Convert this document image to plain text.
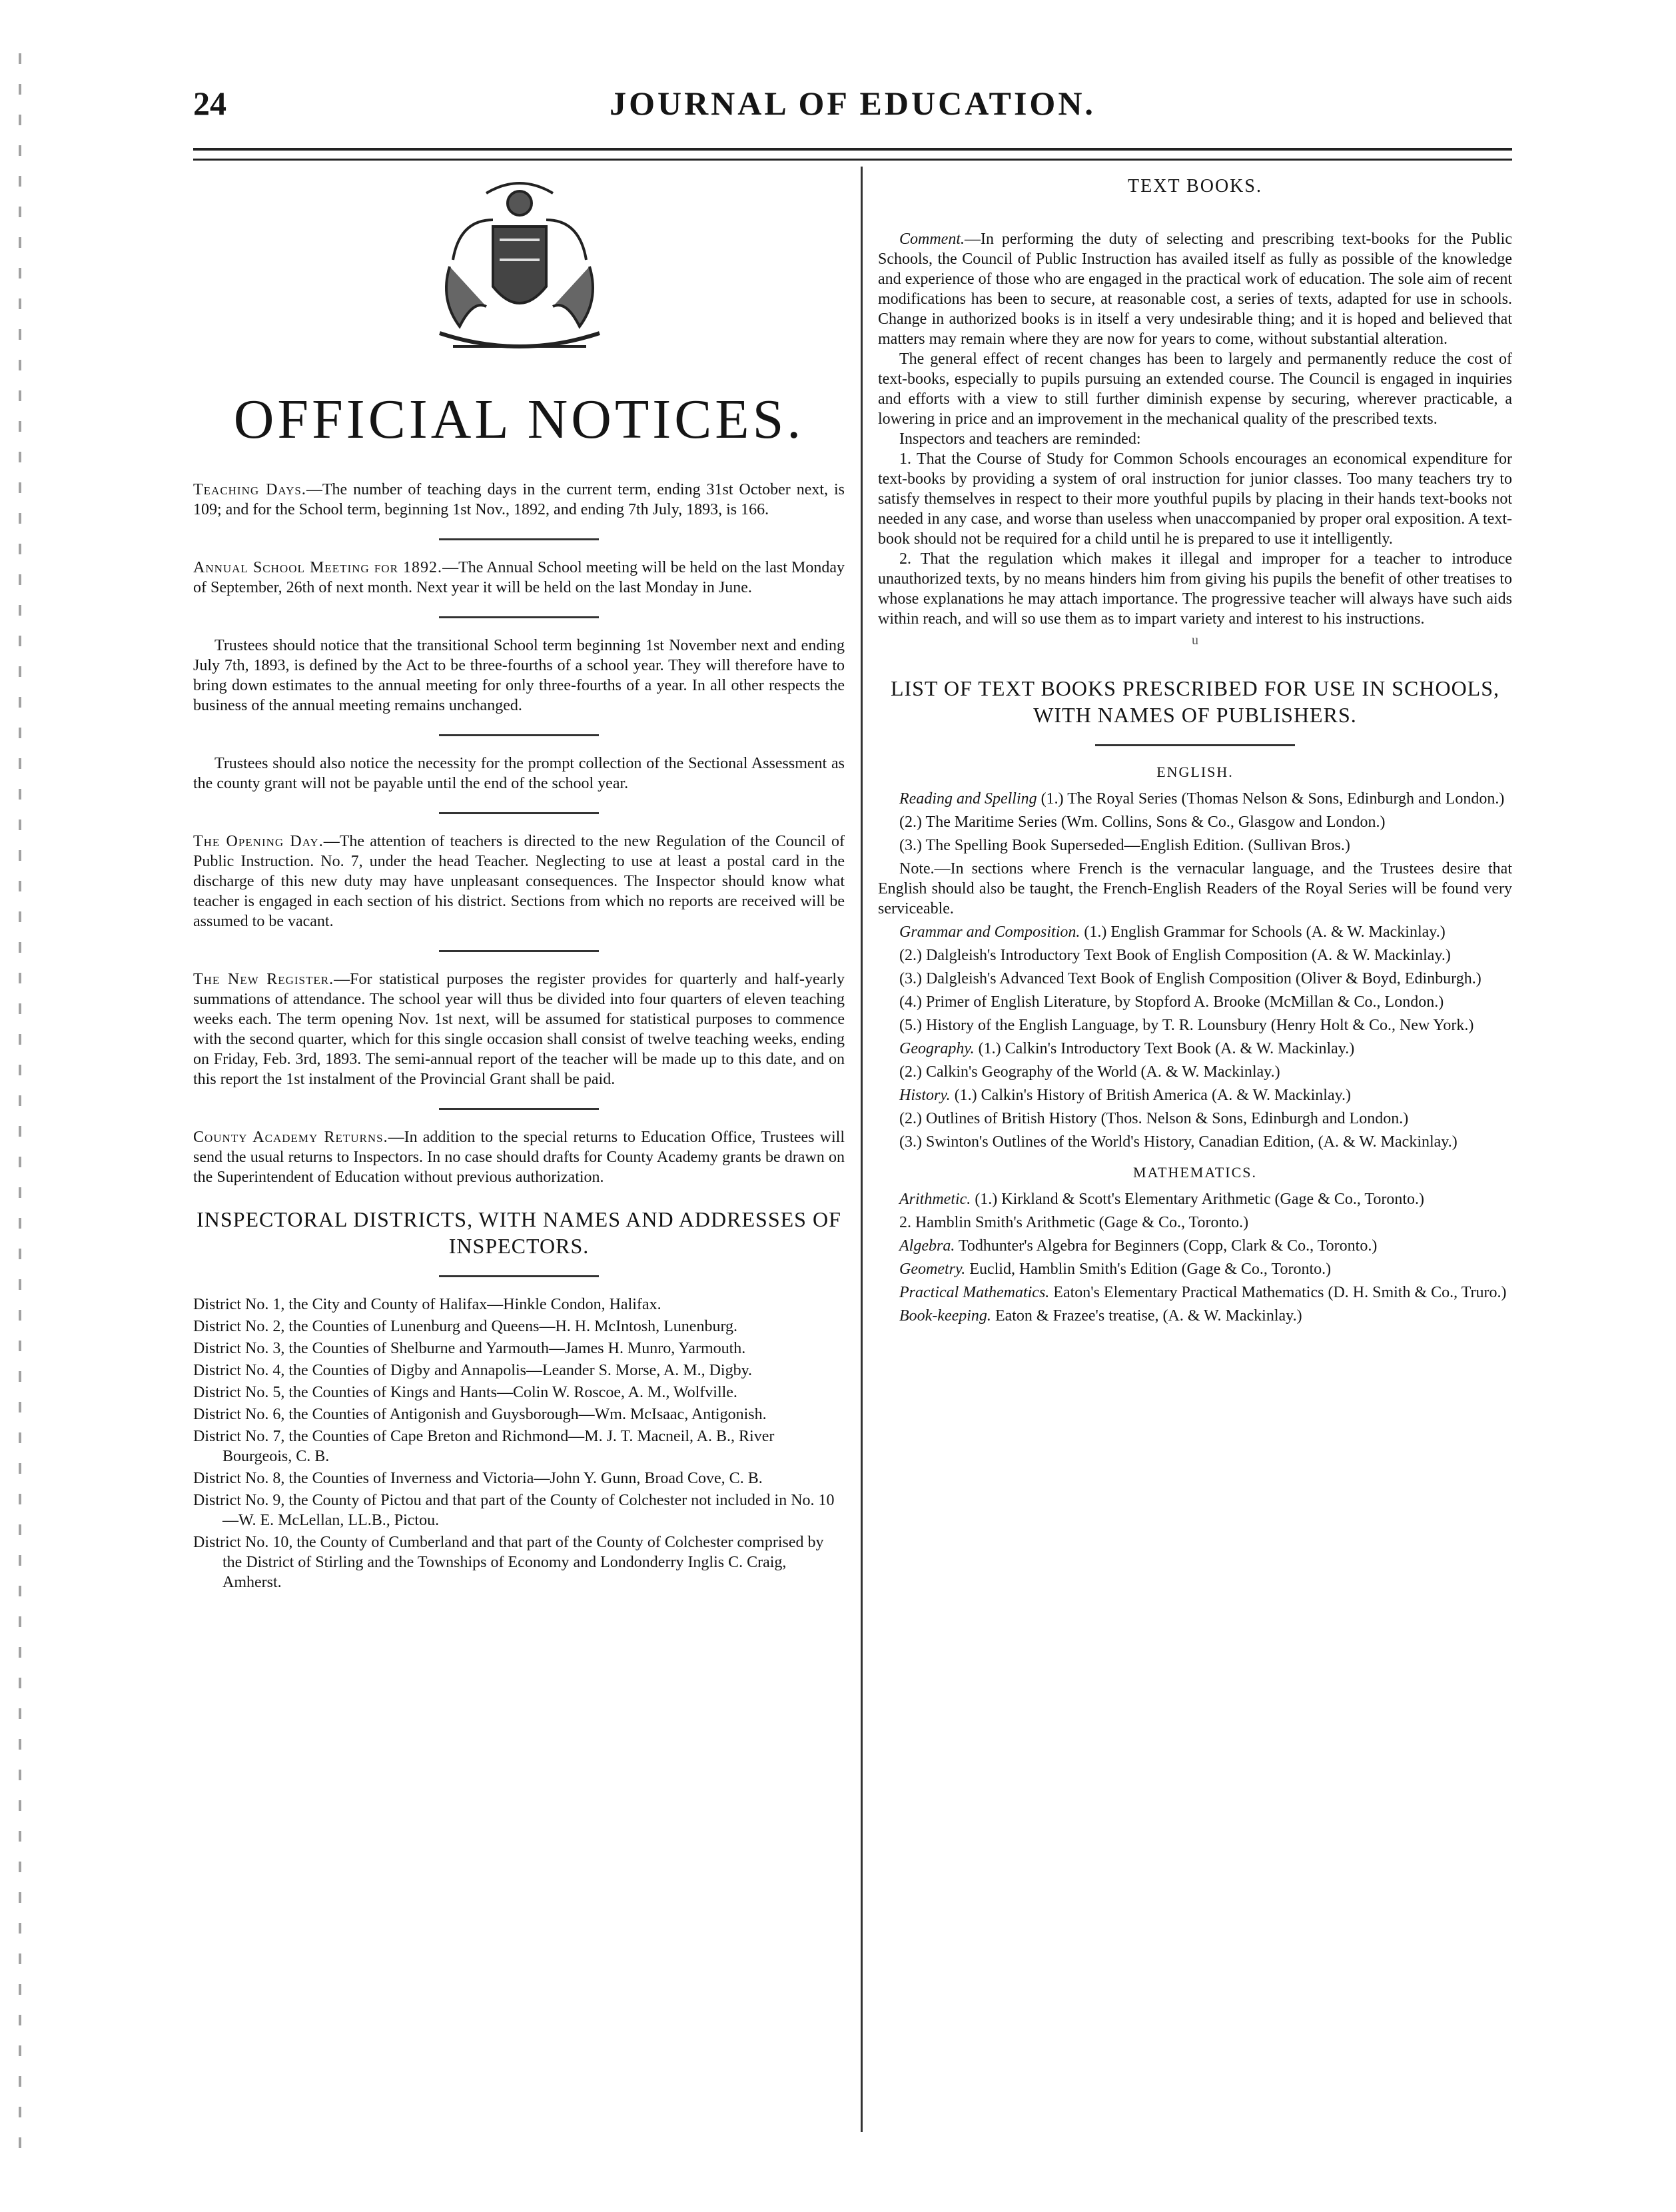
24	JOURNAL OF EDUCATION.
OFFICIAL NOTICES.

Teaching Days.—The number of teaching days in the current term, ending 31st October next, is 109; and for the School term, beginning 1st Nov., 1892, and ending 7th July, 1893, is 166.

Annual School Meeting for 1892.—The Annual School meeting will be held on the last Monday of September, 26th of next month. Next year it will be held on the last Monday in June.

Trustees should notice that the transitional School term beginning 1st November next and ending July 7th, 1893, is defined by the Act to be three-fourths of a school year. They will therefore have to bring down estimates to the annual meeting for only three-fourths of a year. In all other respects the business of the annual meeting remains unchanged.

Trustees should also notice the necessity for the prompt collection of the Sectional Assessment as the county grant will not be payable until the end of the school year.

The Opening Day.—The attention of teachers is directed to the new Regulation of the Council of Public Instruction. No. 7, under the head Teacher. Neglecting to use at least a postal card in the discharge of this new duty may have unpleasant consequences. The Inspector should know what teacher is engaged in each section of his district. Sections from which no reports are received will be assumed to be vacant.

The New Register.—For statistical purposes the register provides for quarterly and half-yearly summations of attendance. The school year will thus be divided into four quarters of eleven teaching weeks each. The term opening Nov. 1st next, will be assumed for statistical purposes to commence with the second quarter, which for this single occasion shall consist of twelve teaching weeks, ending on Friday, Feb. 3rd, 1893. The semi-annual report of the teacher will be made up to this date, and on this report the 1st instalment of the Provincial Grant shall be paid.

County Academy Returns.—In addition to the special returns to Education Office, Trustees will send the usual returns to Inspectors. In no case should drafts for County Academy grants be drawn on the Superintendent of Education without previous authorization.

INSPECTORAL DISTRICTS, WITH NAMES AND ADDRESSES OF INSPECTORS.

District No. 1, the City and County of Halifax—Hinkle Condon, Halifax.

District No. 2, the Counties of Lunenburg and Queens—H. H. McIntosh, Lunenburg.

District No. 3, the Counties of Shelburne and Yarmouth—James H. Munro, Yarmouth.

District No. 4, the Counties of Digby and Annapolis—Leander S. Morse, A. M., Digby.

District No. 5, the Counties of Kings and Hants—Colin W. Roscoe, A. M., Wolfville.

District No. 6, the Counties of Antigonish and Guysborough—Wm. McIsaac, Antigonish.

District No. 7, the Counties of Cape Breton and Richmond—M. J. T. Macneil, A. B., River Bourgeois, C. B.

District No. 8, the Counties of Inverness and Victoria—John Y. Gunn, Broad Cove, C. B.

District No. 9, the County of Pictou and that part of the County of Colchester not included in No. 10—W. E. McLellan, LL.B., Pictou.

District No. 10, the County of Cumberland and that part of the County of Colchester comprised by the District of Stirling and the Townships of Economy and Londonderry Inglis C. Craig, Amherst.

TEXT BOOKS.

Comment.—In performing the duty of selecting and prescribing text-books for the Public Schools, the Council of Public Instruction has availed itself as fully as possible of the knowledge and experience of those who are engaged in the practical work of education. The sole aim of recent modifications has been to secure, at reasonable cost, a series of texts, adapted for use in schools. Change in authorized books is in itself a very undesirable thing; and it is hoped and believed that matters may remain where they are now for years to come, without substantial alteration.

The general effect of recent changes has been to largely and permanently reduce the cost of text-books, especially to pupils pursuing an extended course. The Council is engaged in inquiries and efforts with a view to still further diminish expense by securing, wherever practicable, a lowering in price and an improvement in the mechanical quality of the prescribed texts.

Inspectors and teachers are reminded:

1. That the Course of Study for Common Schools encourages an economical expenditure for text-books by providing a system of oral instruction for junior classes. Too many teachers try to satisfy themselves in respect to their more youthful pupils by placing in their hands text-books not needed in any case, and worse than useless when unaccompanied by proper oral exposition. A text-book should not be required for a child until he is prepared to use it intelligently.

2. That the regulation which makes it illegal and improper for a teacher to introduce unauthorized texts, by no means hinders him from giving his pupils the benefit of other treatises to whose explanations he may attach importance. The progressive teacher will always have such aids within reach, and will so use them as to impart variety and interest to his instructions.

u
LIST OF TEXT BOOKS PRESCRIBED FOR USE IN SCHOOLS, WITH NAMES OF PUBLISHERS.
ENGLISH.

Reading and Spelling (1.) The Royal Series (Thomas Nelson & Sons, Edinburgh and London.)

(2.) The Maritime Series (Wm. Collins, Sons & Co., Glasgow and London.)

(3.) The Spelling Book Superseded—English Edition. (Sullivan Bros.)

Note.—In sections where French is the vernacular language, and the Trustees desire that English should also be taught, the French-English Readers of the Royal Series will be found very serviceable.

Grammar and Composition. (1.) English Grammar for Schools (A. & W. Mackinlay.)

(2.) Dalgleish's Introductory Text Book of English Composition (A. & W. Mackinlay.)

(3.) Dalgleish's Advanced Text Book of English Composition (Oliver & Boyd, Edinburgh.)

(4.) Primer of English Literature, by Stopford A. Brooke (McMillan & Co., London.)

(5.) History of the English Language, by T. R. Lounsbury (Henry Holt & Co., New York.)

Geography. (1.) Calkin's Introductory Text Book (A. & W. Mackinlay.)

(2.) Calkin's Geography of the World (A. & W. Mackinlay.)

History. (1.) Calkin's History of British America (A. & W. Mackinlay.)

(2.) Outlines of British History (Thos. Nelson & Sons, Edinburgh and London.)

(3.) Swinton's Outlines of the World's History, Canadian Edition, (A. & W. Mackinlay.)

MATHEMATICS.

Arithmetic. (1.) Kirkland & Scott's Elementary Arithmetic (Gage & Co., Toronto.)

2. Hamblin Smith's Arithmetic (Gage & Co., Toronto.)

Algebra. Todhunter's Algebra for Beginners (Copp, Clark & Co., Toronto.)

Geometry. Euclid, Hamblin Smith's Edition (Gage & Co., Toronto.)

Practical Mathematics. Eaton's Elementary Practical Mathematics (D. H. Smith & Co., Truro.)

Book-keeping. Eaton & Frazee's treatise, (A. & W. Mackinlay.)
